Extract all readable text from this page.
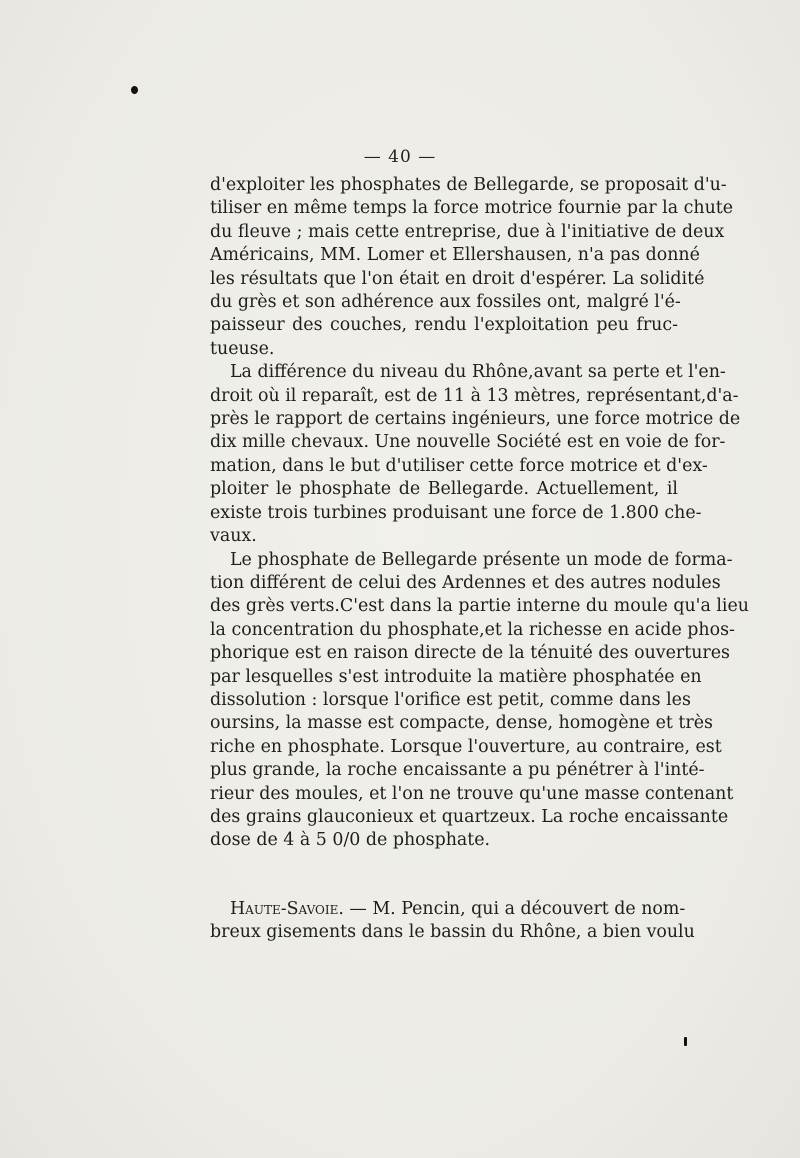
— 40 —

d'exploiter les phosphates de Bellegarde, se proposait d'u-
tiliser en même temps la force motrice fournie par la chute
du fleuve ; mais cette entreprise, due à l'initiative de deux
Américains, MM. Lomer et Ellershausen, n'a pas donné
les résultats que l'on était en droit d'espérer. La solidité
du grès et son adhérence aux fossiles ont, malgré l'é-
paisseur des couches, rendu l'exploitation peu fruc-
tueuse.

La différence du niveau du Rhône,avant sa perte et l'en-
droit où il reparaît, est de 11 à 13 mètres, représentant,d'a-
près le rapport de certains ingénieurs, une force motrice de
dix mille chevaux. Une nouvelle Société est en voie de for-
mation, dans le but d'utiliser cette force motrice et d'ex-
ploiter le phosphate de Bellegarde. Actuellement, il
existe trois turbines produisant une force de 1.800 che-
vaux.

Le phosphate de Bellegarde présente un mode de forma-
tion différent de celui des Ardennes et des autres nodules
des grès verts.C'est dans la partie interne du moule qu'a lieu
la concentration du phosphate,et la richesse en acide phos-
phorique est en raison directe de la ténuité des ouvertures
par lesquelles s'est introduite la matière phosphatée en
dissolution : lorsque l'orifice est petit, comme dans les
oursins, la masse est compacte, dense, homogène et très
riche en phosphate. Lorsque l'ouverture, au contraire, est
plus grande, la roche encaissante a pu pénétrer à l'inté-
rieur des moules, et l'on ne trouve qu'une masse contenant
des grains glauconieux et quartzeux. La roche encaissante
dose de 4 à 5 0/0 de phosphate.

Haute-Savoie. — M. Pencin, qui a découvert de nom-
breux gisements dans le bassin du Rhône, a bien voulu
